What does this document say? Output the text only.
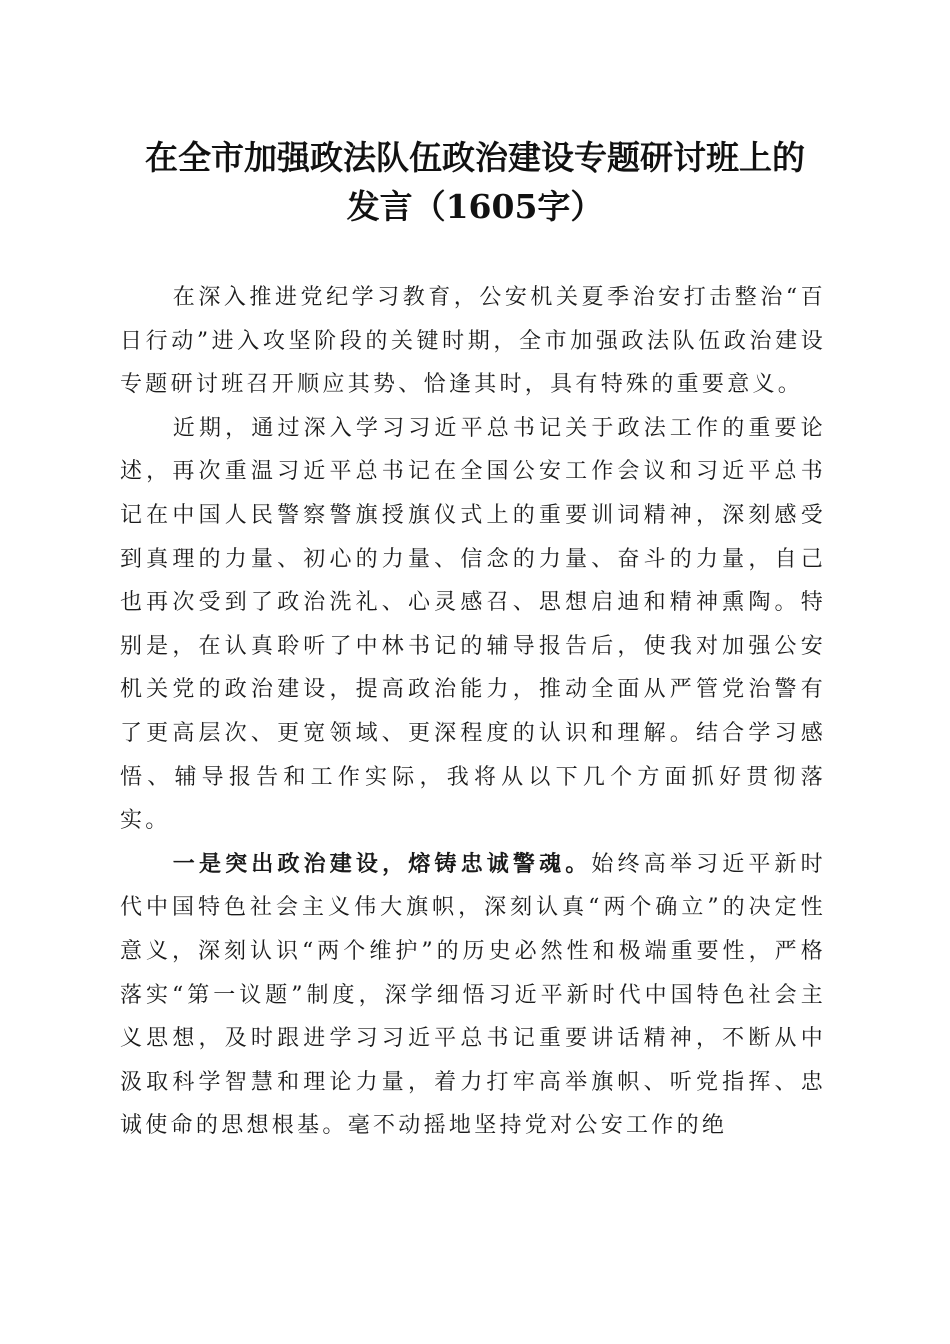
在全市加强政法队伍政治建设专题研讨班上的
发言（1605字）

在深入推进党纪学习教育，公安机关夏季治安打击整治“百日行动”进入攻坚阶段的关键时期，全市加强政法队伍政治建设专题研讨班召开顺应其势、恰逢其时，具有特殊的重要意义。

近期，通过深入学习习近平总书记关于政法工作的重要论述，再次重温习近平总书记在全国公安工作会议和习近平总书记在中国人民警察警旗授旗仪式上的重要训词精神，深刻感受到真理的力量、初心的力量、信念的力量、奋斗的力量，自己也再次受到了政治洗礼、心灵感召、思想启迪和精神熏陶。特别是，在认真聆听了中林书记的辅导报告后，使我对加强公安机关党的政治建设，提高政治能力，推动全面从严管党治警有了更高层次、更宽领域、更深程度的认识和理解。结合学习感悟、辅导报告和工作实际，我将从以下几个方面抓好贯彻落实。

一是突出政治建设，熔铸忠诚警魂。始终高举习近平新时代中国特色社会主义伟大旗帜，深刻认真“两个确立”的决定性意义，深刻认识“两个维护”的历史必然性和极端重要性，严格落实“第一议题”制度，深学细悟习近平新时代中国特色社会主义思想，及时跟进学习习近平总书记重要讲话精神，不断从中汲取科学智慧和理论力量，着力打牢高举旗帜、听党指挥、忠诚使命的思想根基。毫不动摇地坚持党对公安工作的绝
